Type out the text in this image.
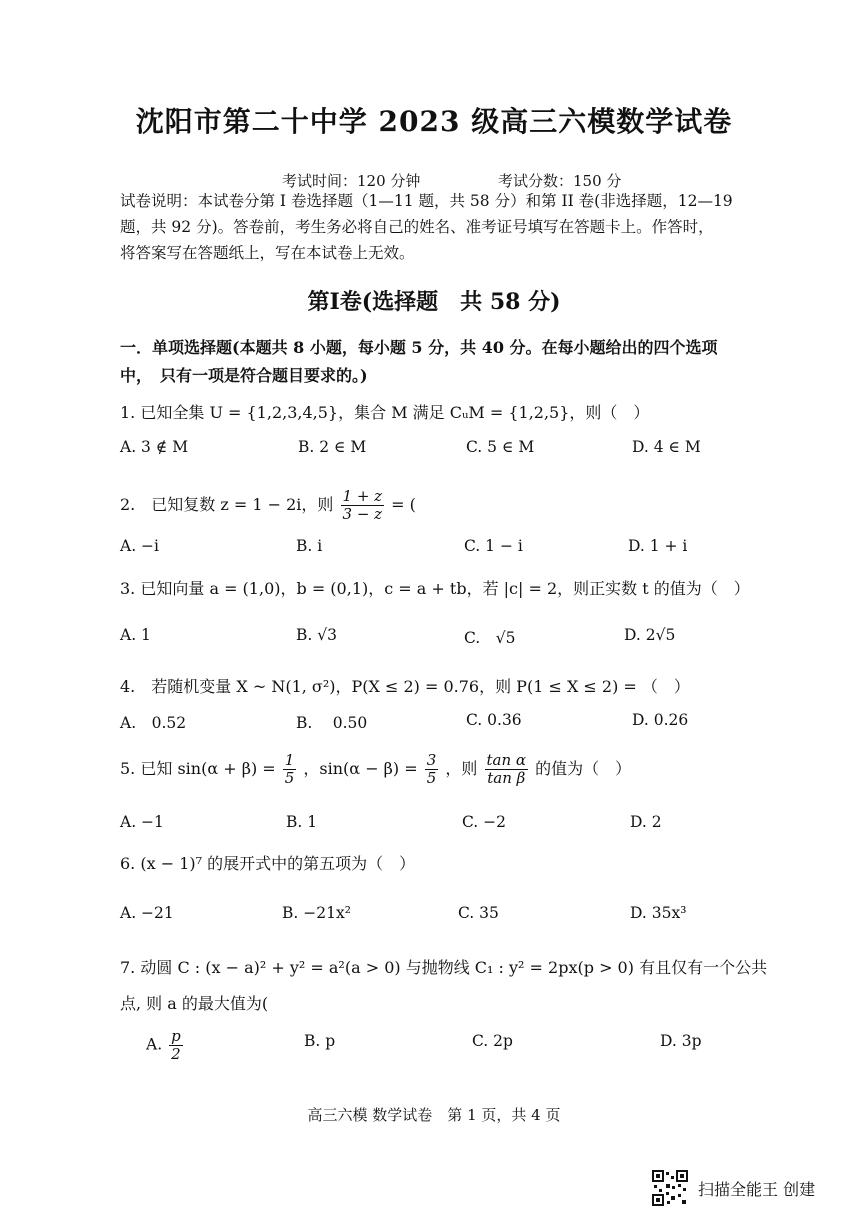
沈阳市第二十中学 2023 级高三六模数学试卷
考试时间：120 分钟	考试分数：150 分
试卷说明：本试卷分第 I 卷选择题（1—11 题，共 58 分）和第 II 卷(非选择题，12—19
题，共 92 分)。答卷前，考生务必将自己的姓名、准考证号填写在答题卡上。作答时，
将答案写在答题纸上，写在本试卷上无效。
第I卷(选择题　共 58 分)
一．单项选择题(本题共 8 小题，每小题 5 分，共 40 分。在每小题给出的四个选项
中，　只有一项是符合题目要求的。)
1. 已知全集 U = {1,2,3,4,5}，集合 M 满足 CᵤM = {1,2,5}，则（　）
A. 3 ∉ M	B. 2 ∈ M	C. 5 ∈ M	D. 4 ∈ M
2.　已知复数 z = 1 − 2i，则 $\frac{1 + z}{3 - z}$ = (
A. −i	B. i	C. 1 − i	D. 1 + i
3. 已知向量 a = (1,0)，b = (0,1)，c = a + tb，若 |c| = 2，则正实数 t 的值为（　）
A. 1	B. √3	C.　√5	D. 2√5
4.　若随机变量 X ~ N(1, σ²)，P(X ≤ 2) = 0.76，则 P(1 ≤ X ≤ 2) = （　）
A.　0.52	B.　 0.50	C. 0.36	D. 0.26
5. 已知 $\sin(\alpha + \beta) = \frac{1}{5}$ ，$\sin(\alpha - \beta) = \frac{3}{5}$ ，则 $\frac{\text{tan α}}{\text{tan β}}$ 的值为（　）
A. −1	B. 1	C. −2	D. 2
6. (x − 1)⁷ 的展开式中的第五项为（　）
A. −21	B. −21x²	C. 35	D. 35x³
7. 动圆 C : (x − a)² + y² = a²(a > 0) 与抛物线 C₁ : y² = 2px(p > 0) 有且仅有一个公共
点, 则 a 的最大值为(
A. $\frac{p}{2}$	B. p	C. 2p	D. 3p
高三六模 数学试卷　第 1 页，共 4 页
扫描全能王 创建
